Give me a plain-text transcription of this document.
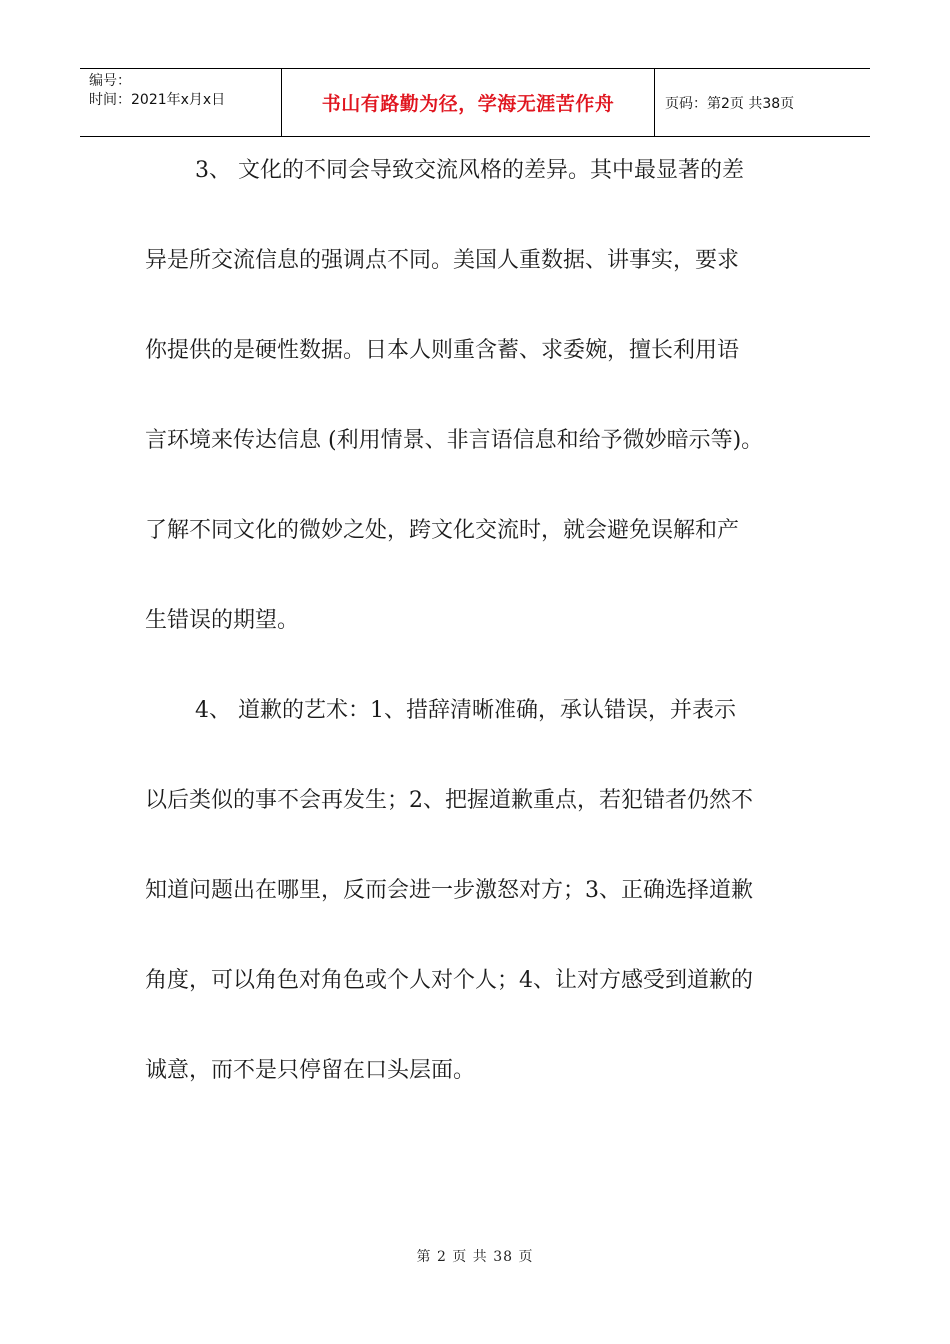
编号：
时间：2021年x月x日	书山有路勤为径，学海无涯苦作舟	页码：第2页 共38页

3、 文化的不同会导致交流风格的差异。其中最显著的差

异是所交流信息的强调点不同。美国人重数据、讲事实，要求

你提供的是硬性数据。日本人则重含蓄、求委婉，擅长利用语

言环境来传达信息 (利用情景、非言语信息和给予微妙暗示等)。

了解不同文化的微妙之处，跨文化交流时，就会避免误解和产

生错误的期望。

4、 道歉的艺术：1、措辞清晰准确，承认错误，并表示

以后类似的事不会再发生；2、把握道歉重点，若犯错者仍然不

知道问题出在哪里，反而会进一步激怒对方；3、正确选择道歉

角度，可以角色对角色或个人对个人；4、让对方感受到道歉的

诚意，而不是只停留在口头层面。

第 2 页 共 38 页
